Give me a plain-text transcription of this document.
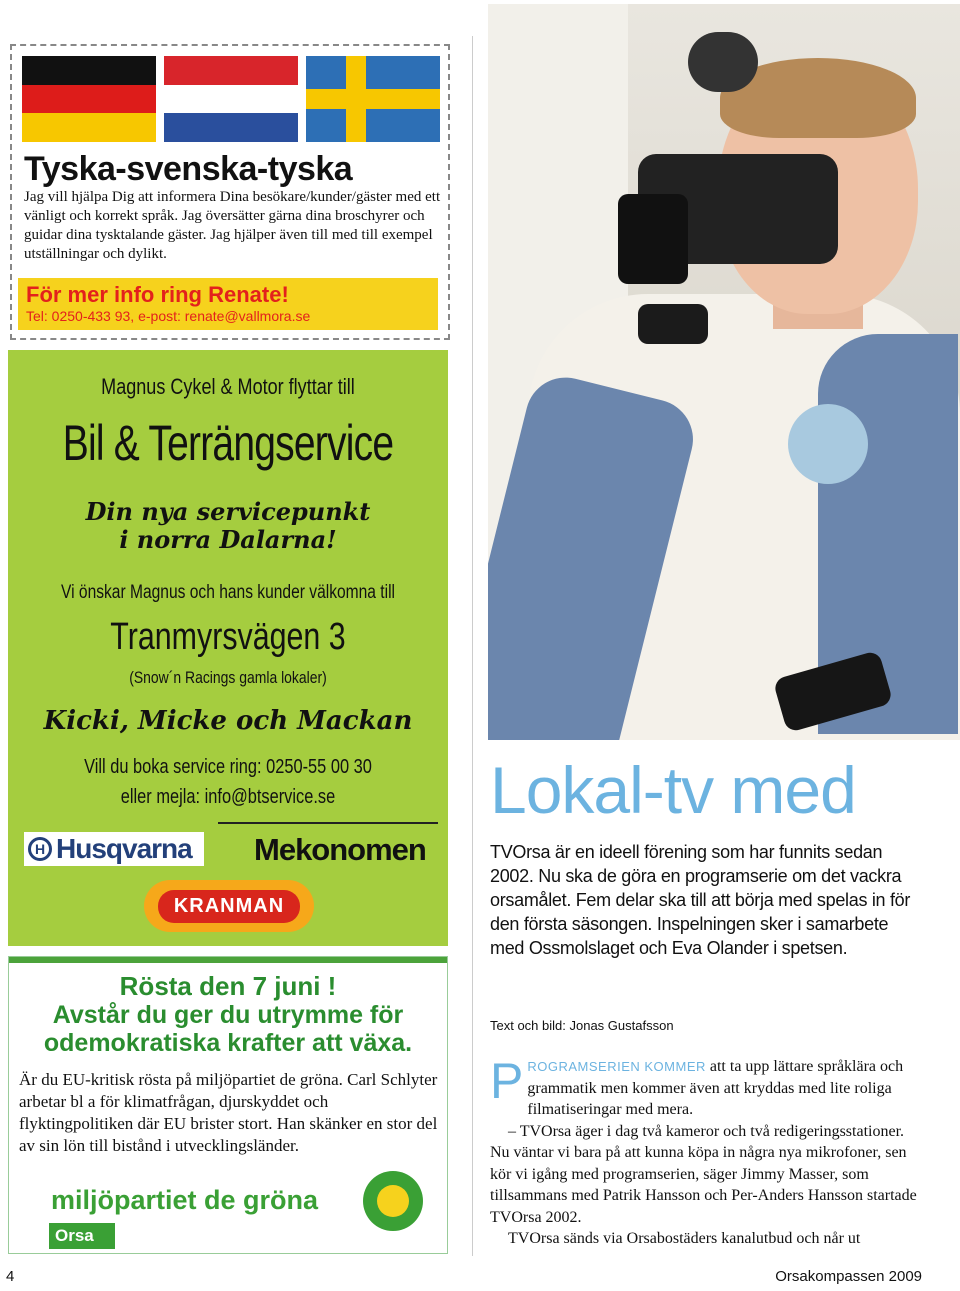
Tyska-svenska-tyska
Jag vill hjälpa Dig att informera Dina besökare/kunder/gäster med ett vänligt och korrekt språk. Jag översätter gärna dina broschyrer och guidar dina tysktalande gäster. Jag hjälper även till med till exempel utställningar och dylikt.
För mer info ring Renate!
Tel: 0250-433 93, e-post: renate@vallmora.se
Magnus Cykel & Motor flyttar till
Bil & Terrängservice
Din nya servicepunkt
i norra Dalarna!
Vi önskar Magnus och hans kunder välkomna till
Tranmyrsvägen 3
(Snow´n Racings gamla lokaler)
Kicki, Micke och Mackan
Vill du boka service ring: 0250-55 00 30
eller mejla: info@btservice.se
H Husqvarna Mekonomen
KRANMAN
Rösta den 7 juni !
Avstår du ger du utrymme för odemokratiska krafter att växa.
Är du EU-kritisk rösta på miljöpartiet de gröna. Carl Schlyter arbetar bl a för klimatfrågan, djurskyddet och flyktingpolitiken där EU brister stort. Han skänker en stor del av sin lön till bistånd i utvecklingsländer.
miljöpartiet de gröna
Orsa
Lokal-tv med
TVOrsa är en ideell förening som har funnits sedan 2002. Nu ska de göra en programserie om det vackra orsamålet. Fem delar ska till att börja med spelas in för den första säsongen. Inspelningen sker i samarbete med Ossmolslaget och Eva Olander i spetsen.
Text och bild: Jonas Gustafsson

PROGRAMSERIEN KOMMER att ta upp lättare språklära och grammatik men kommer även att kryddas med lite roliga filmatiseringar med mera.

– TVOrsa äger i dag två kameror och två redigeringsstationer. Nu väntar vi bara på att kunna köpa in några nya mikrofoner, sen kör vi igång med programserien, säger Jimmy Masser, som tillsammans med Patrik Hansson och Per-Anders Hansson startade TVOrsa 2002.

TVOrsa sänds via Orsabostäders kanalutbud och når ut

4	Orsakompassen 2009
